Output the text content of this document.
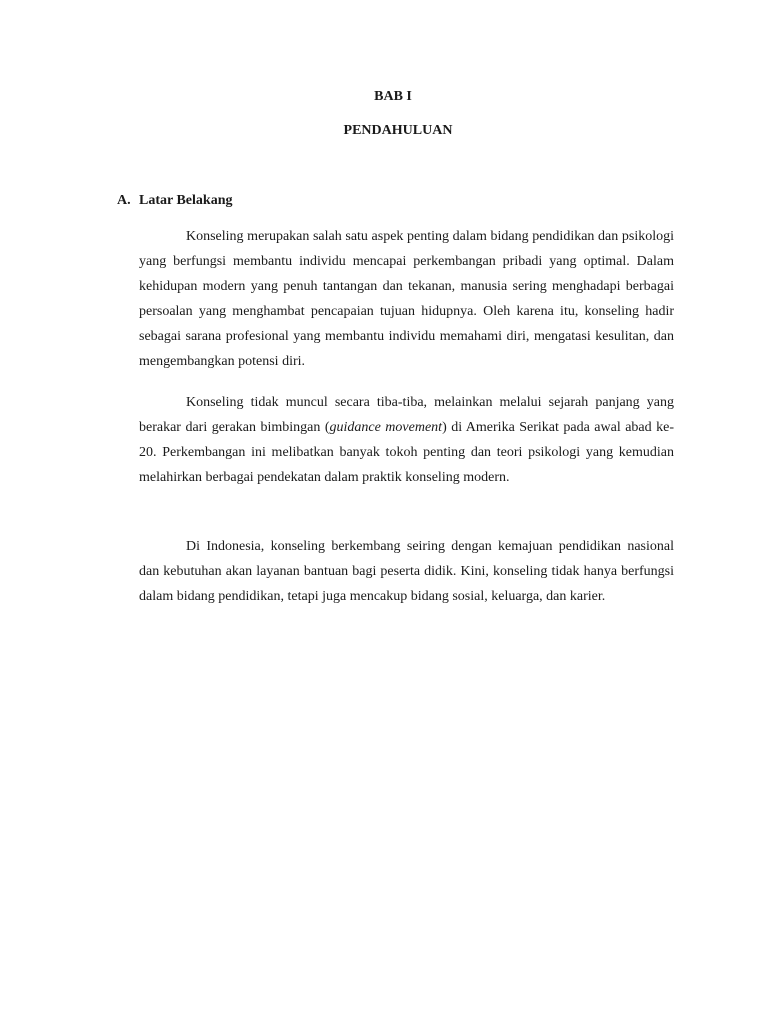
BAB I
PENDAHULUAN
A. Latar Belakang

Konseling merupakan salah satu aspek penting dalam bidang pendidikan dan psikologi yang berfungsi membantu individu mencapai perkembangan pribadi yang optimal. Dalam kehidupan modern yang penuh tantangan dan tekanan, manusia sering menghadapi berbagai persoalan yang menghambat pencapaian tujuan hidupnya. Oleh karena itu, konseling hadir sebagai sarana profesional yang membantu individu memahami diri, mengatasi kesulitan, dan mengembangkan potensi diri.

Konseling tidak muncul secara tiba-tiba, melainkan melalui sejarah panjang yang berakar dari gerakan bimbingan (guidance movement) di Amerika Serikat pada awal abad ke-20. Perkembangan ini melibatkan banyak tokoh penting dan teori psikologi yang kemudian melahirkan berbagai pendekatan dalam praktik konseling modern.

Di Indonesia, konseling berkembang seiring dengan kemajuan pendidikan nasional dan kebutuhan akan layanan bantuan bagi peserta didik. Kini, konseling tidak hanya berfungsi dalam bidang pendidikan, tetapi juga mencakup bidang sosial, keluarga, dan karier.
